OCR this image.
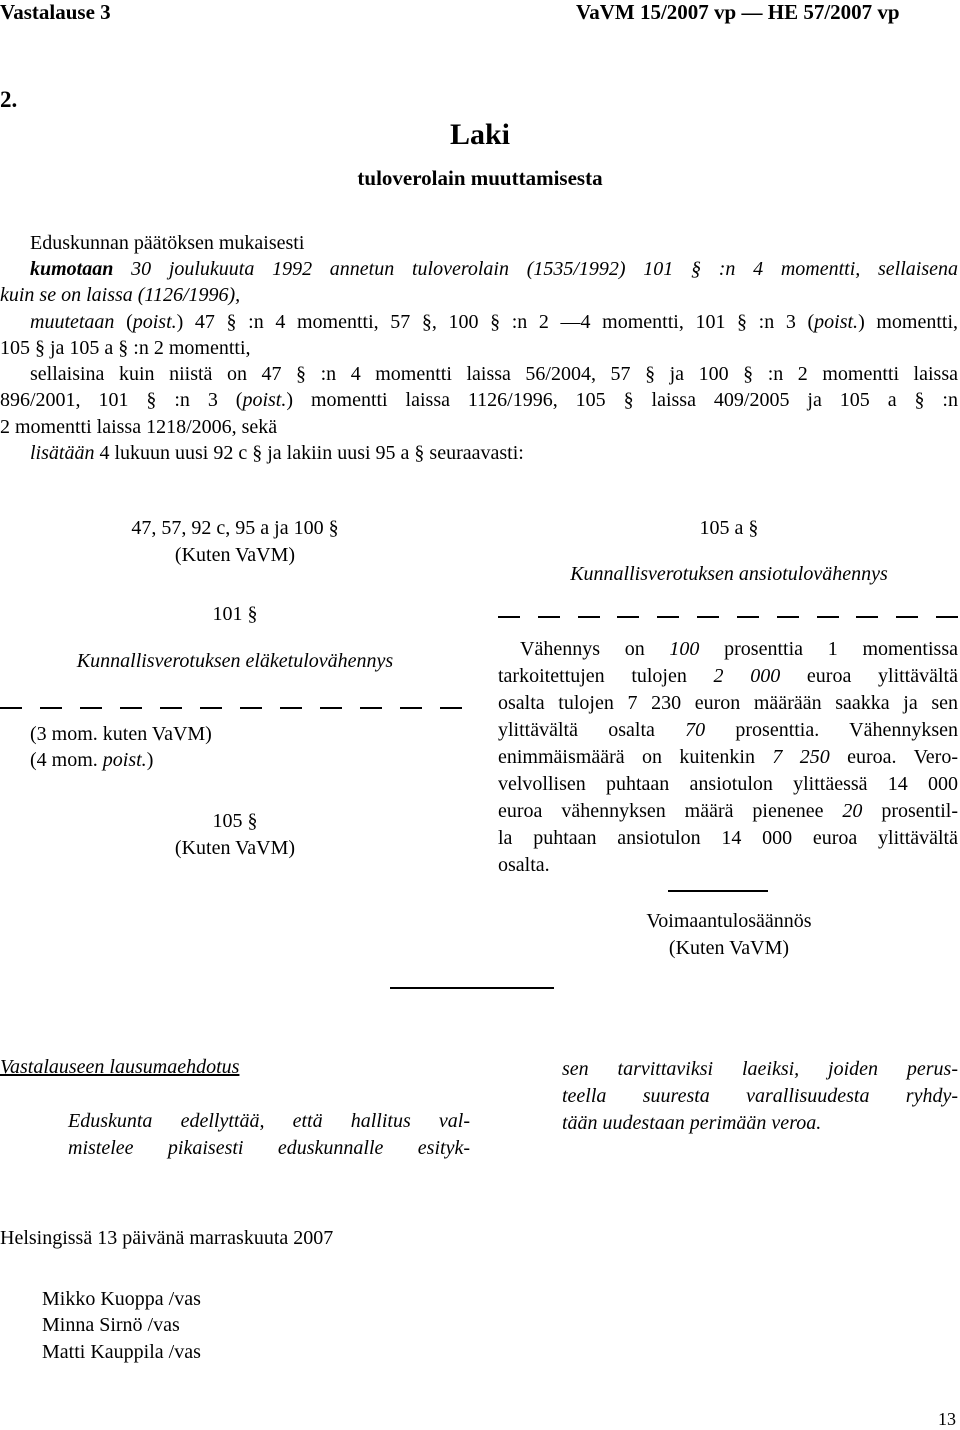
Vastalause 3	VaVM 15/2007 vp — HE 57/2007 vp
2.
Laki
tuloverolain muuttamisesta
Eduskunnan päätöksen mukaisesti
kumotaan 30 joulukuuta 1992 annetun tuloverolain (1535/1992) 101 § :n 4 momentti, sellaisena
kuin se on laissa (1126/1996),
muutetaan (poist.) 47 § :n 4 momentti, 57 §, 100 § :n 2 —4 momentti, 101 § :n 3 (poist.) momentti,
105 § ja 105 a § :n 2 momentti,
sellaisina kuin niistä on 47 § :n 4 momentti laissa 56/2004, 57 § ja 100 § :n 2 momentti laissa
896/2001, 101 § :n 3 (poist.) momentti laissa 1126/1996, 105 § laissa 409/2005 ja 105 a § :n
2 momentti laissa 1218/2006, sekä
lisätään 4 lukuun uusi 92 c § ja lakiin uusi 95 a § seuraavasti:
47, 57, 92 c, 95 a ja 100 §
(Kuten VaVM)
101 §
Kunnallisverotuksen eläketulovähennys
(3 mom. kuten VaVM)
(4 mom. poist.)
105 §
(Kuten VaVM)
105 a §
Kunnallisverotuksen ansiotulovähennys
Vähennys on 100 prosenttia 1 momentissa
tarkoitettujen tulojen 2 000 euroa ylittävältä
osalta tulojen 7 230 euron määrään saakka ja sen
ylittävältä osalta 70 prosenttia. Vähennyksen
enimmäismäärä on kuitenkin 7 250 euroa. Vero-
velvollisen puhtaan ansiotulon ylittäessä 14 000
euroa vähennyksen määrä pienenee 20 prosentil-
la puhtaan ansiotulon 14 000 euroa ylittävältä
osalta.
Voimaantulosäännös
(Kuten VaVM)
Vastalauseen lausumaehdotus
Eduskunta edellyttää, että hallitus val-
mistelee pikaisesti eduskunnalle esityk-
sen tarvittaviksi laeiksi, joiden perus-
teella suuresta varallisuudesta ryhdy-
tään uudestaan perimään veroa.
Helsingissä 13 päivänä marraskuuta 2007
Mikko Kuoppa /vas
Minna Sirnö /vas
Matti Kauppila /vas
13
